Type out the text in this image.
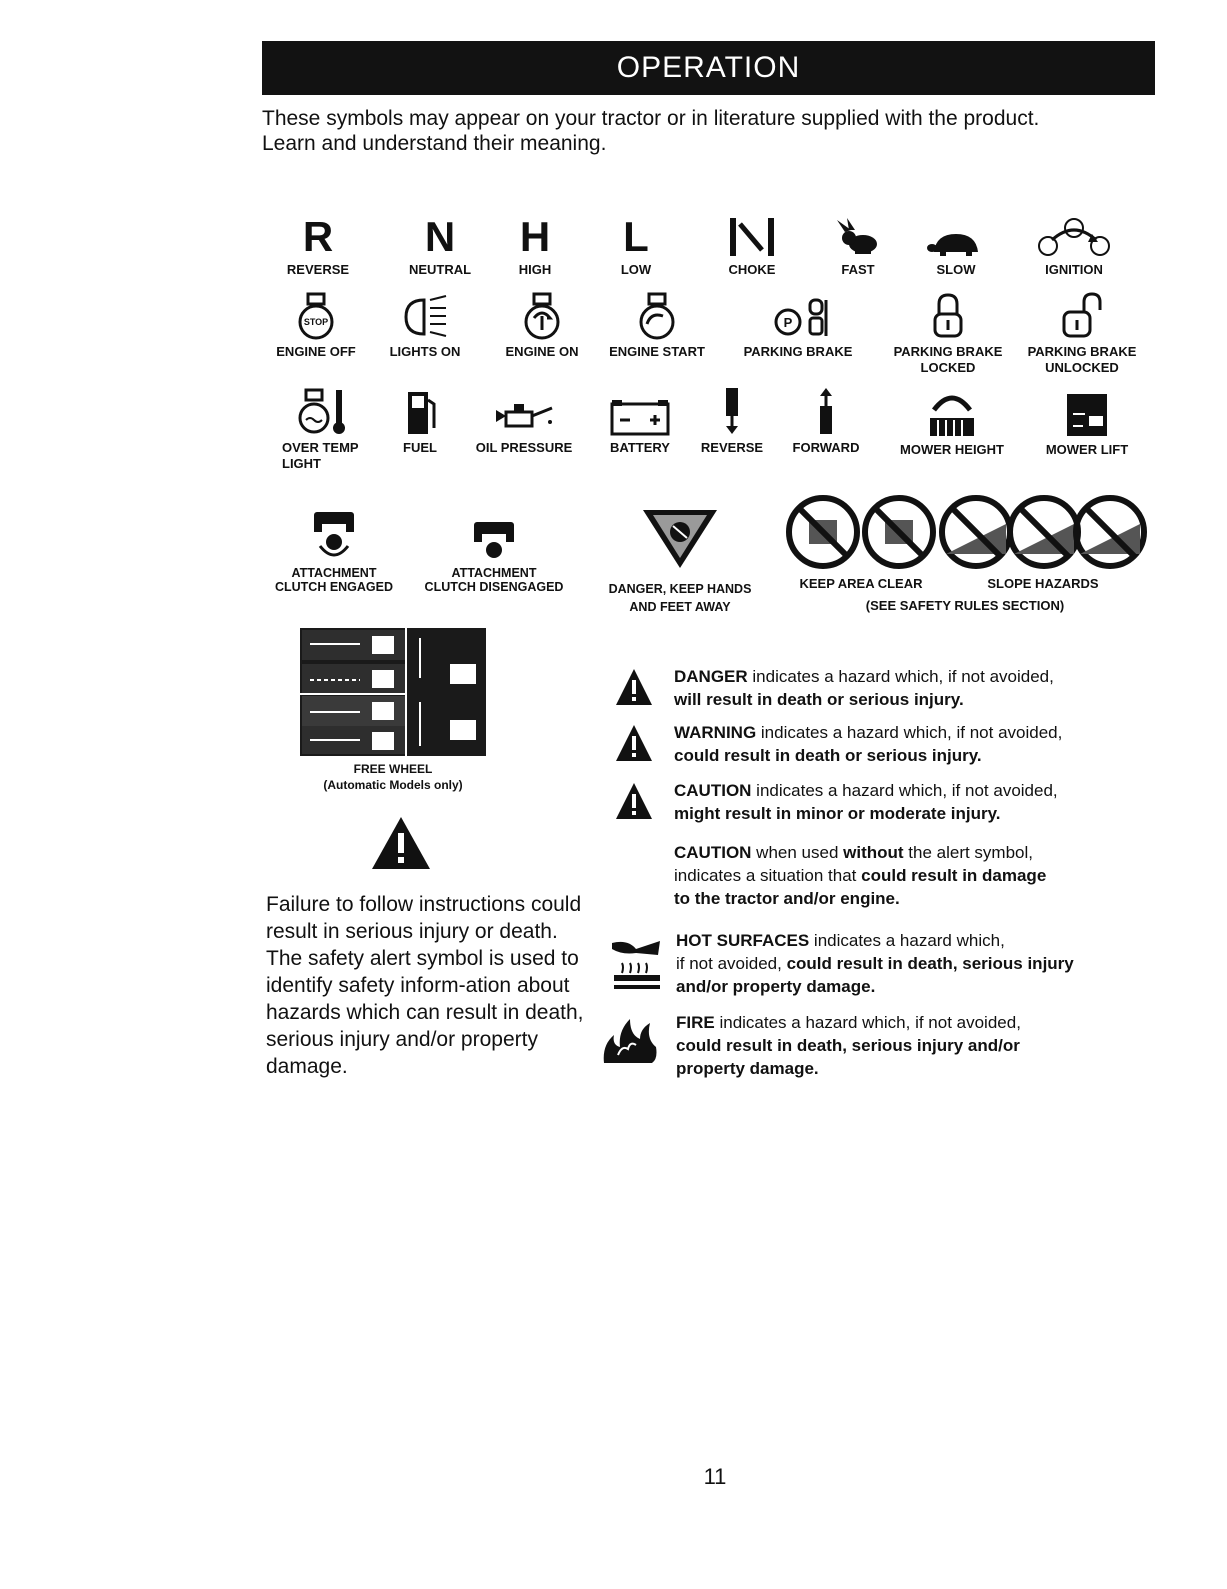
OPERATION

These symbols may appear on your tractor or in literature supplied with the product.

Learn and understand their meaning.

R
REVERSE
N
NEUTRAL
H
HIGH
L
LOW	CHOKE	FAST	SLOW	IGNITION
STOP
ENGINE OFF	LIGHTS ON	ENGINE ON	ENGINE START
P
PARKING BRAKE	PARKING BRAKE
LOCKED
PARKING BRAKE
UNLOCKED
OVER TEMP
LIGHT
FUEL	OIL PRESSURE	BATTERY	REVERSE	FORWARD	MOWER HEIGHT	MOWER LIFT
ATTACHMENT
CLUTCH ENGAGED
ATTACHMENT
CLUTCH DISENGAGED	DANGER, KEEP HANDS
AND FEET AWAY
KEEP AREA CLEAR	SLOPE HAZARDS
(SEE SAFETY RULES SECTION)
FREE WHEEL
(Automatic Models only)
Failure to follow instructions could result in serious injury or death. The safety alert symbol is used to identify safety inform-ation about hazards which can result in death, serious injury and/or property damage.
DANGER indicates a hazard which, if not avoided,
will result in death or serious injury.
WARNING indicates a hazard which, if not avoided,
could result in death or serious injury.
CAUTION indicates a hazard which, if not avoided,
might result in minor or moderate injury.
CAUTION when used without the alert symbol,
indicates a situation that could result in damage
to the tractor and/or engine.
HOT SURFACES indicates a hazard which,
if not avoided, could result in death, serious injury
and/or property damage.
FIRE indicates a hazard which, if not avoided,
could result in death, serious injury and/or
property damage.
11
